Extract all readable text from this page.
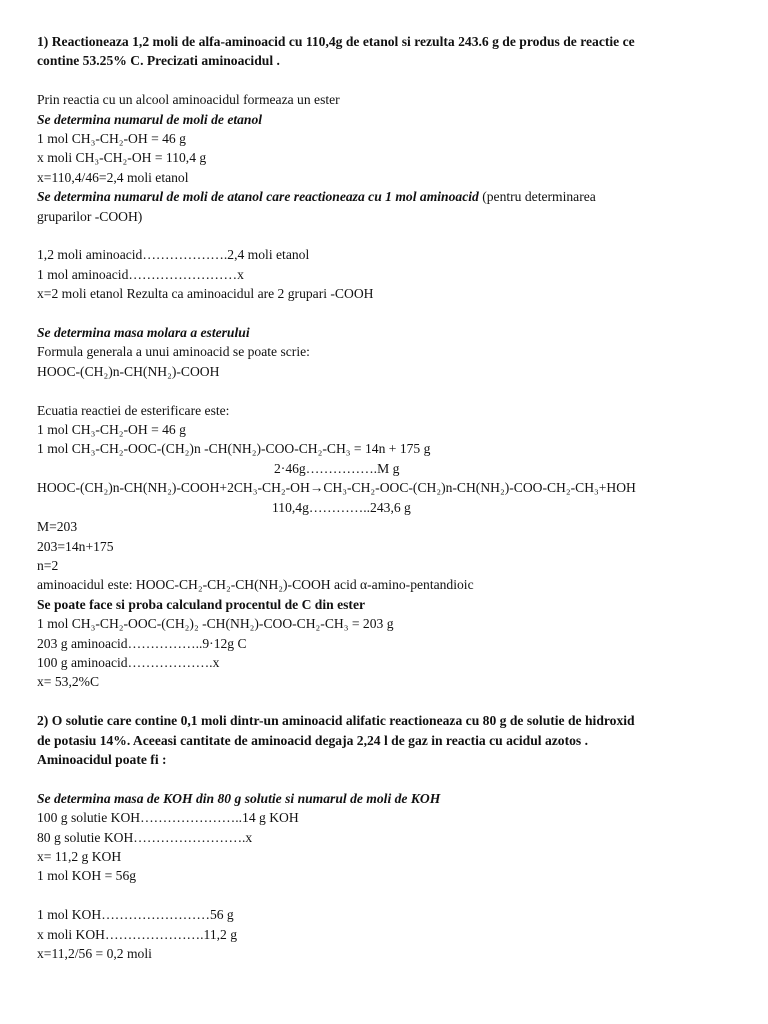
1) Reactioneaza 1,2 moli de alfa-aminoacid cu 110,4g de etanol si rezulta 243.6 g de produs de reactie ce
contine 53.25% C. Precizati aminoacidul .
Prin reactia cu un alcool aminoacidul formeaza un ester
Se determina numarul de moli de etanol
1 mol CH₃-CH₂-OH = 46 g
x moli CH₃-CH₂-OH = 110,4 g
x=110,4/46=2,4 moli etanol
Se determina numarul de moli de atanol care reactioneaza cu 1 mol aminoacid (pentru determinarea
gruparilor -COOH)
1,2 moli aminoacid……………….2,4 moli etanol
1 mol aminoacid……………………x
x=2 moli etanol Rezulta ca aminoacidul are 2 grupari -COOH
Se determina masa molara a esterului
Formula generala a unui aminoacid se poate scrie:
HOOC-(CH₂)n-CH(NH₂)-COOH
Ecuatia reactiei de esterificare este:
1 mol CH₃-CH₂-OH = 46 g
1 mol CH₃-CH₂-OOC-(CH₂)n -CH(NH₂)-COO-CH₂-CH₃ = 14n + 175 g
2·46g…………….M g
HOOC-(CH₂)n-CH(NH₂)-COOH+2CH₃-CH₂-OH→CH₃-CH₂-OOC-(CH₂)n-CH(NH₂)-COO-CH₂-CH₃+HOH
110,4g…………..243,6 g
M=203
203=14n+175
n=2
aminoacidul este: HOOC-CH₂-CH₂-CH(NH₂)-COOH acid α-amino-pentandioic
Se poate face si proba calculand procentul de C din ester
1 mol CH₃-CH₂-OOC-(CH₂)₂ -CH(NH₂)-COO-CH₂-CH₃ = 203 g
203 g aminoacid……………..9·12g C
100 g aminoacid……………….x
x= 53,2%C
2) O solutie care contine 0,1 moli dintr-un aminoacid alifatic reactioneaza cu 80 g de solutie de hidroxid
de potasiu 14%. Aceeasi cantitate de aminoacid degaja 2,24 l de gaz in reactia cu acidul azotos .
Aminoacidul poate fi :
Se determina masa de KOH din 80 g solutie si numarul de moli de KOH
100 g solutie KOH…………………..14 g KOH
80 g solutie KOH…………………….x
x= 11,2 g KOH
1 mol KOH = 56g
1 mol KOH……………………56 g
x moli KOH………………….11,2 g
x=11,2/56 = 0,2 moli
